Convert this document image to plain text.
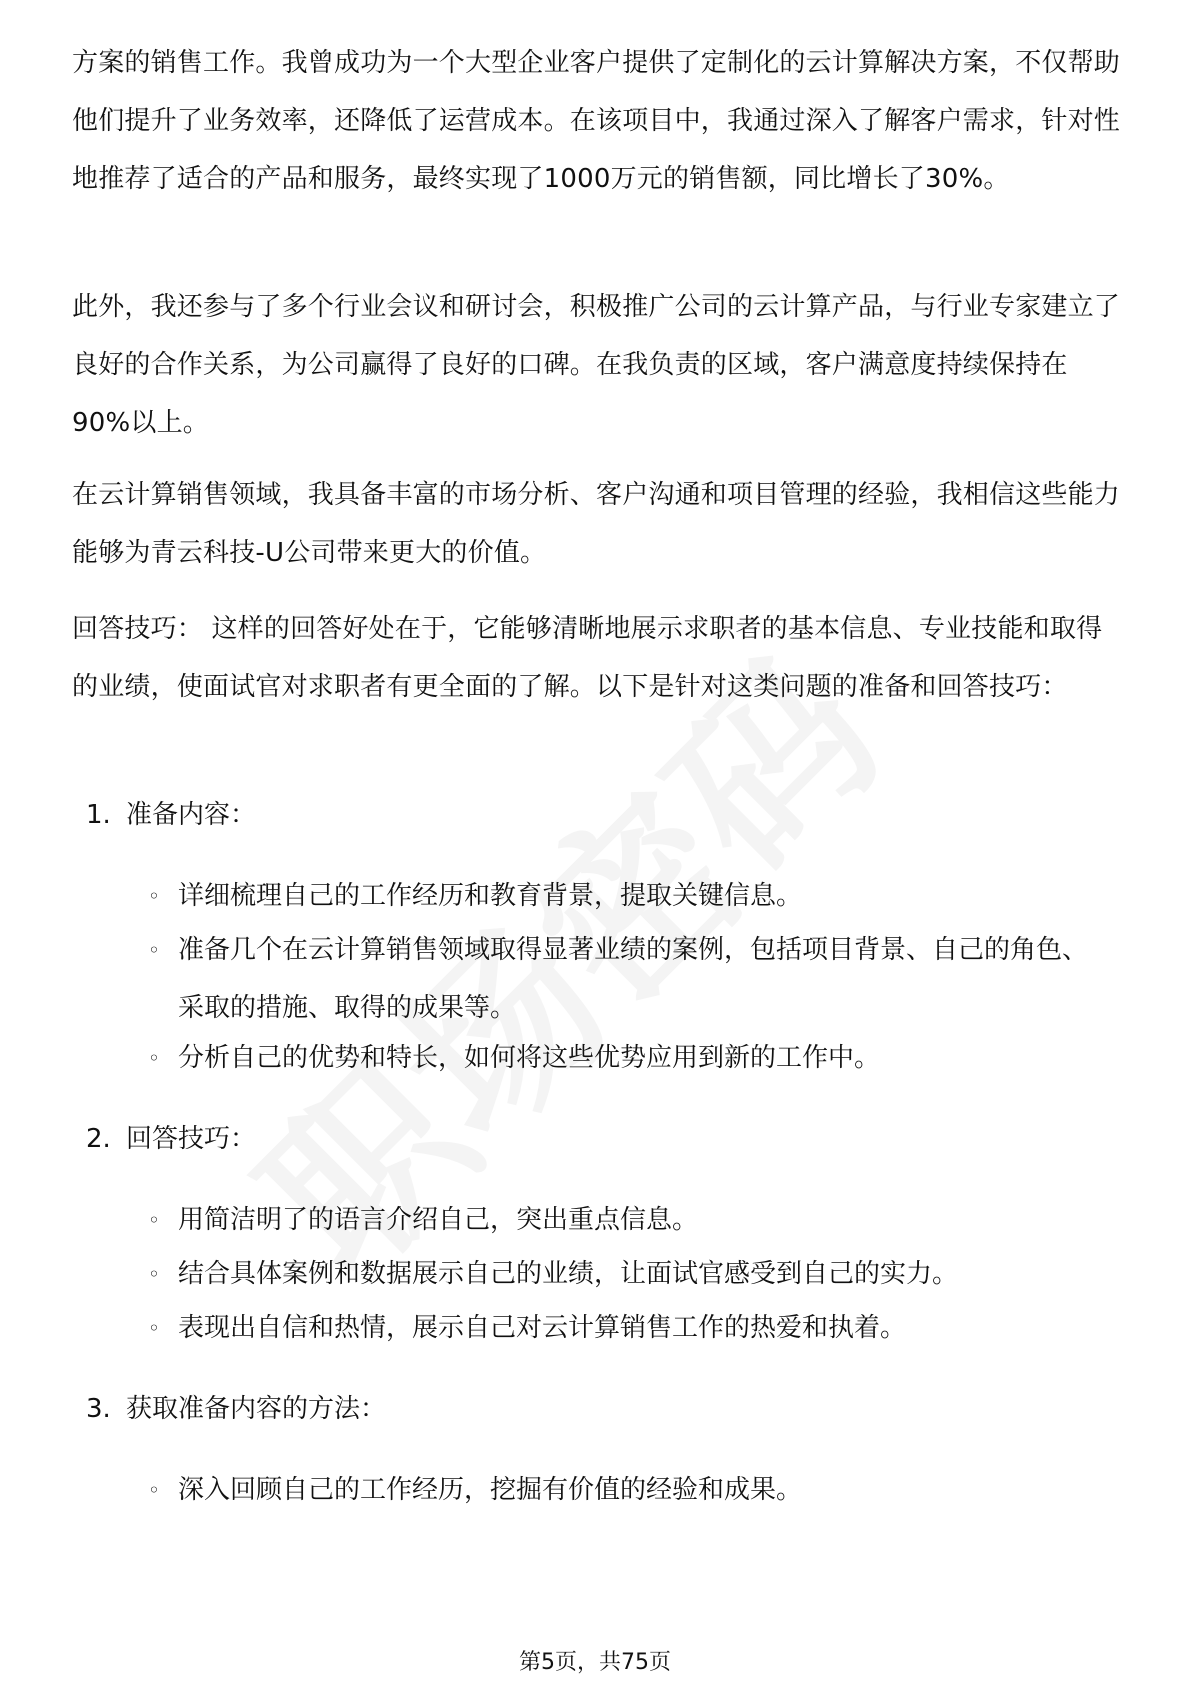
方案的销售工作。我曾成功为一个大型企业客户提供了定制化的云计算解决方案，不仅帮助他们提升了业务效率，还降低了运营成本。在该项目中，我通过深入了解客户需求，针对性地推荐了适合的产品和服务，最终实现了1000万元的销售额，同比增长了30%。

此外，我还参与了多个行业会议和研讨会，积极推广公司的云计算产品，与行业专家建立了良好的合作关系，为公司赢得了良好的口碑。在我负责的区域，客户满意度持续保持在90%以上。

在云计算销售领域，我具备丰富的市场分析、客户沟通和项目管理的经验，我相信这些能力能够为青云科技-U公司带来更大的价值。

回答技巧： 这样的回答好处在于，它能够清晰地展示求职者的基本信息、专业技能和取得的业绩，使面试官对求职者有更全面的了解。以下是针对这类问题的准备和回答技巧：

1. 准备内容：
◦ 详细梳理自己的工作经历和教育背景，提取关键信息。
◦ 准备几个在云计算销售领域取得显著业绩的案例，包括项目背景、自己的角色、采取的措施、取得的成果等。
◦ 分析自己的优势和特长，如何将这些优势应用到新的工作中。
2. 回答技巧：
◦ 用简洁明了的语言介绍自己，突出重点信息。
◦ 结合具体案例和数据展示自己的业绩，让面试官感受到自己的实力。
◦ 表现出自信和热情，展示自己对云计算销售工作的热爱和执着。
3. 获取准备内容的方法：
◦ 深入回顾自己的工作经历，挖掘有价值的经验和成果。
第5页，共75页
